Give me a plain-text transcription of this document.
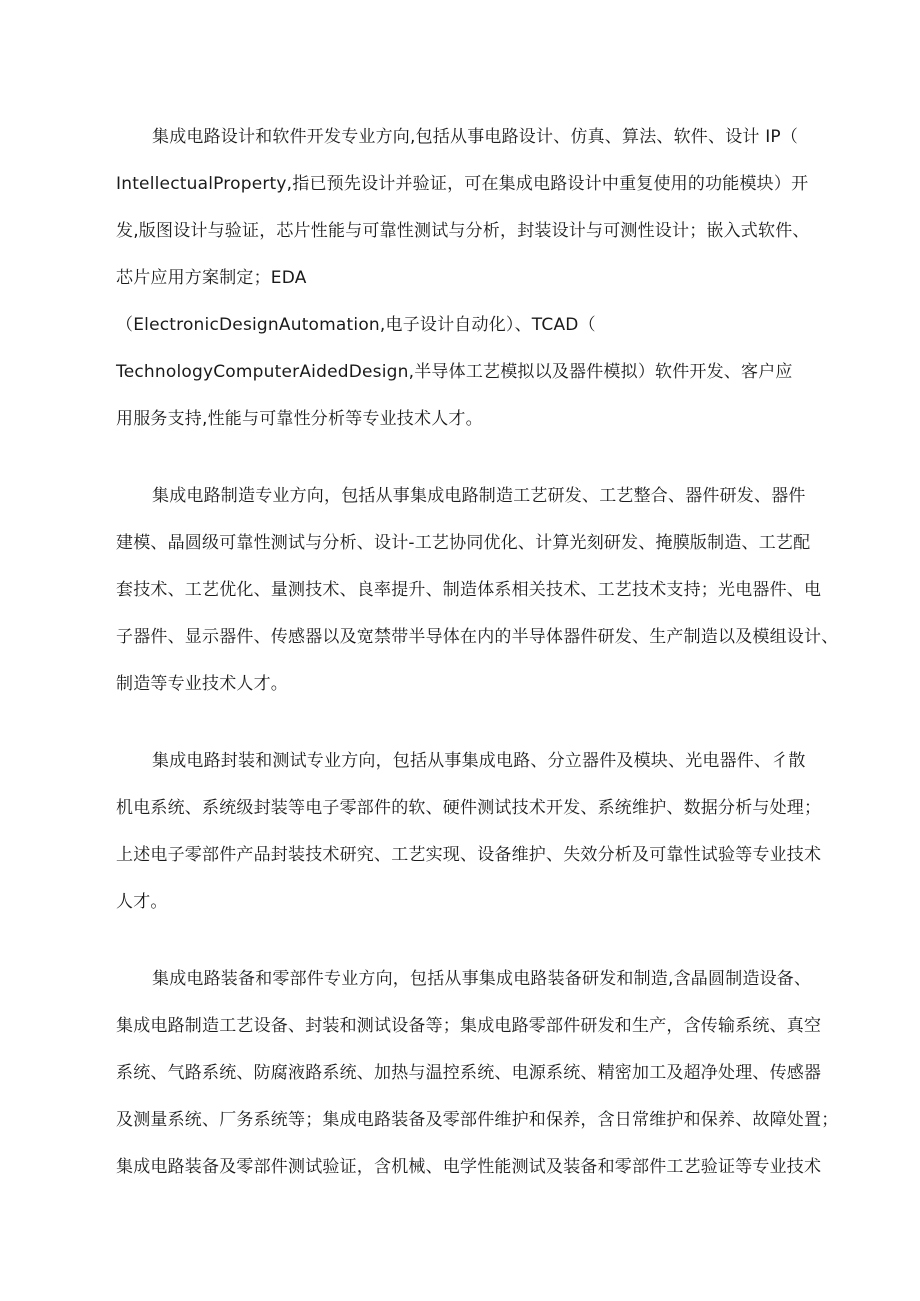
集成电路设计和软件开发专业方向,包括从事电路设计、仿真、算法、软件、设计 IP（
IntellectualProperty,指已预先设计并验证，可在集成电路设计中重复使用的功能模块）开
发,版图设计与验证，芯片性能与可靠性测试与分析，封装设计与可测性设计；嵌入式软件、
芯片应用方案制定；EDA
（ElectronicDesignAutomation,电子设计自动化）、TCAD（
TechnologyComputerAidedDesign,半导体工艺模拟以及器件模拟）软件开发、客户应
用服务支持,性能与可靠性分析等专业技术人才。
集成电路制造专业方向，包括从事集成电路制造工艺研发、工艺整合、器件研发、器件
建模、晶圆级可靠性测试与分析、设计-工艺协同优化、计算光刻研发、掩膜版制造、工艺配
套技术、工艺优化、量测技术、良率提升、制造体系相关技术、工艺技术支持；光电器件、电
子器件、显示器件、传感器以及宽禁带半导体在内的半导体器件研发、生产制造以及模组设计、
制造等专业技术人才。
集成电路封装和测试专业方向，包括从事集成电路、分立器件及模块、光电器件、彳散
机电系统、系统级封装等电子零部件的软、硬件测试技术开发、系统维护、数据分析与处理；
上述电子零部件产品封装技术研究、工艺实现、设备维护、失效分析及可靠性试验等专业技术
人才。
集成电路装备和零部件专业方向，包括从事集成电路装备研发和制造,含晶圆制造设备、
集成电路制造工艺设备、封装和测试设备等；集成电路零部件研发和生产，含传输系统、真空
系统、气路系统、防腐液路系统、加热与温控系统、电源系统、精密加工及超净处理、传感器
及测量系统、厂务系统等；集成电路装备及零部件维护和保养，含日常维护和保养、故障处置；
集成电路装备及零部件测试验证，含机械、电学性能测试及装备和零部件工艺验证等专业技术
